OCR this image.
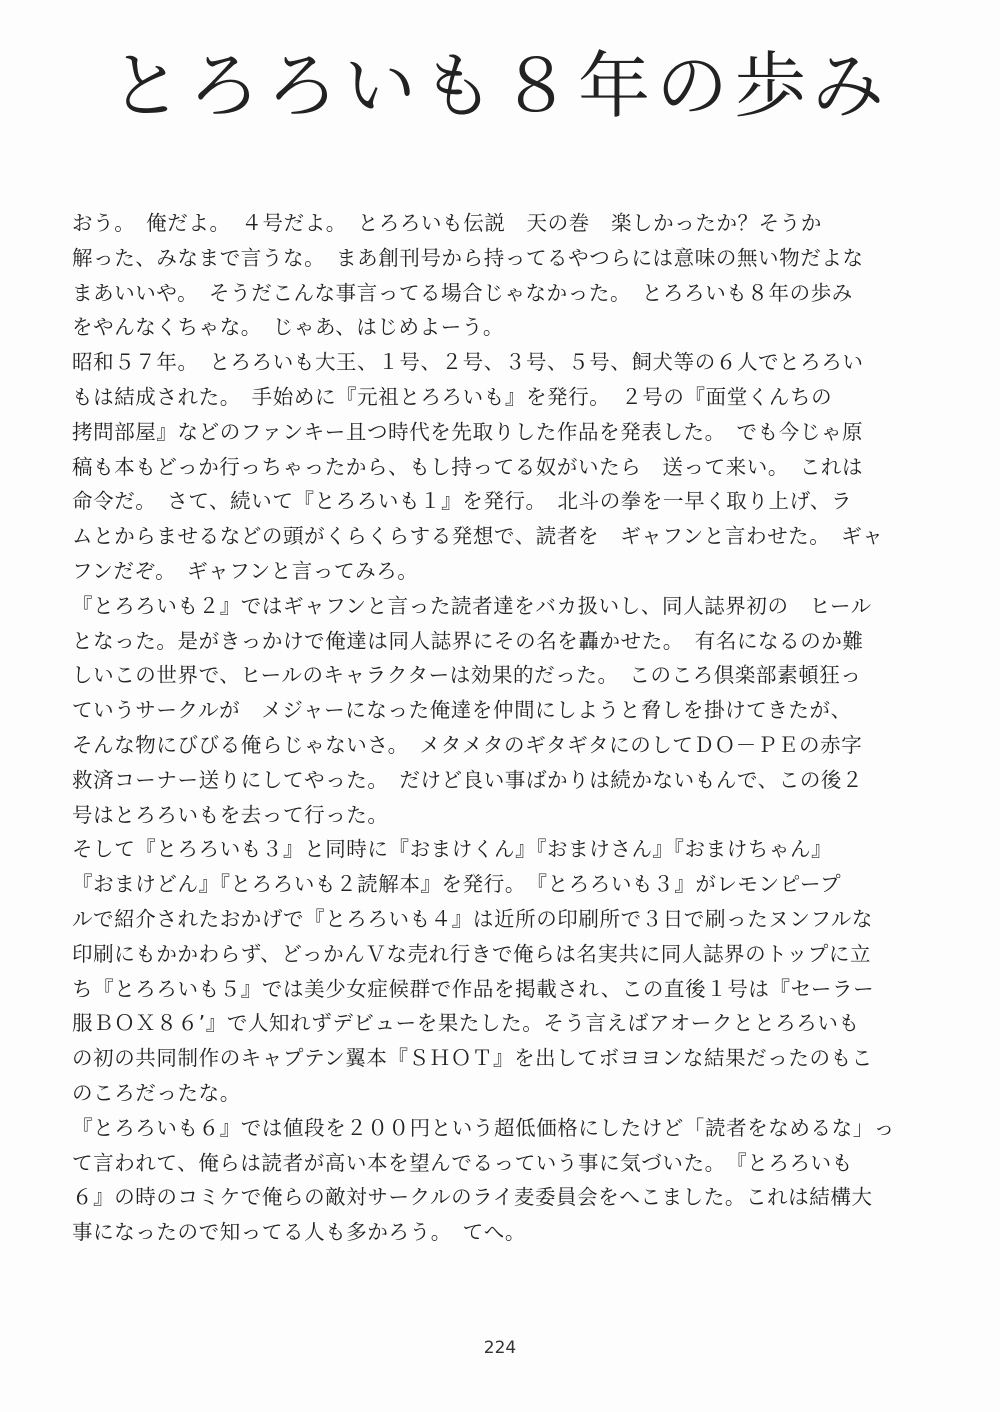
とろろいも８年の歩み
おう。　俺だよ。　４号だよ。　とろろいも伝説　天の巻　楽しかったか？そうか
解った、みなまで言うな。　まあ創刊号から持ってるやつらには意味の無い物だよな
まあいいや。　そうだこんな事言ってる場合じゃなかった。　とろろいも８年の歩み
をやんなくちゃな。　じゃあ、はじめよーう。
昭和５７年。　とろろいも大王、１号、２号、３号、５号、飼犬等の６人でとろろい
もは結成された。　手始めに『元祖とろろいも』を発行。　２号の『面堂くんちの
拷問部屋』などのファンキー且つ時代を先取りした作品を発表した。　でも今じゃ原
稿も本もどっか行っちゃったから、もし持ってる奴がいたら　送って来い。　これは
命令だ。　さて、続いて『とろろいも１』を発行。　北斗の拳を一早く取り上げ、ラ
ムとからませるなどの頭がくらくらする発想で、読者を　ギャフンと言わせた。　ギャ
フンだぞ。　ギャフンと言ってみろ。
『とろろいも２』ではギャフンと言った読者達をバカ扱いし、同人誌界初の　ヒール
となった。是がきっかけで俺達は同人誌界にその名を轟かせた。　有名になるのか難
しいこの世界で、ヒールのキャラクターは効果的だった。　このころ倶楽部素頓狂っ
ていうサークルが　メジャーになった俺達を仲間にしようと脅しを掛けてきたが、
そんな物にびびる俺らじゃないさ。　メタメタのギタギタにのしてＤＯ－ＰＥの赤字
救済コーナー送りにしてやった。　だけど良い事ばかりは続かないもんで、この後２
号はとろろいもを去って行った。
そして『とろろいも３』と同時に『おまけくん』『おまけさん』『おまけちゃん』
『おまけどん』『とろろいも２読解本』を発行。　『とろろいも３』がレモンピープ
ルで紹介されたおかげで『とろろいも４』は近所の印刷所で３日で刷ったヌンフルな
印刷にもかかわらず、どっかんＶな売れ行きで俺らは名実共に同人誌界のトップに立
ち『とろろいも５』では美少女症候群で作品を掲載され、この直後１号は『セーラー
服ＢＯＸ８６’』で人知れずデビューを果たした。そう言えばアオークととろろいも
の初の共同制作のキャプテン翼本『ＳＨＯＴ』を出してボヨヨンな結果だったのもこ
のころだったな。
『とろろいも６』では値段を２００円という超低価格にしたけど「読者をなめるな」っ
て言われて、俺らは読者が高い本を望んでるっていう事に気づいた。　『とろろいも
６』の時のコミケで俺らの敵対サークルのライ麦委員会をへこました。これは結構大
事になったので知ってる人も多かろう。　てへ。
224
